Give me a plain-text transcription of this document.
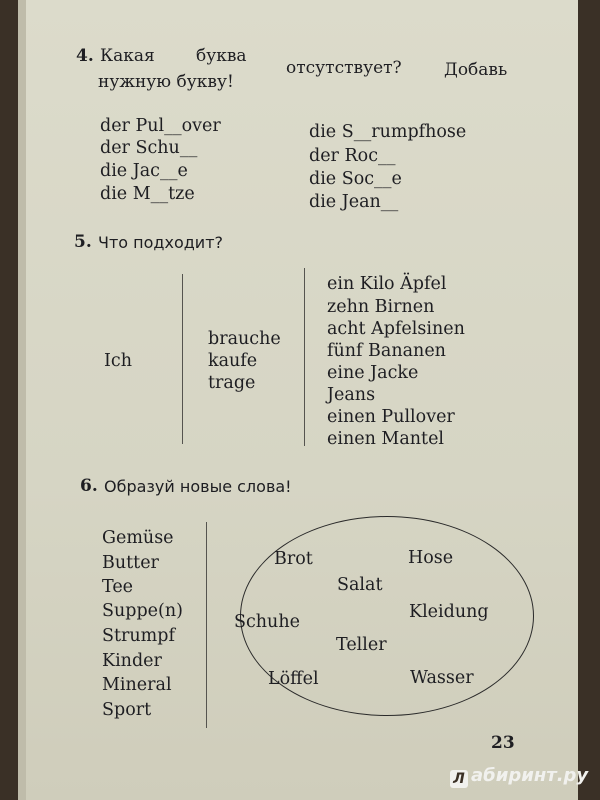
4. Какая буква
отсутствует? Добавь
нужную букву!
der Pul__over
der Schu__
die Jac__e
die M__tze
die S__rumpfhose
der Roc__
die Soc__e
die Jean__
5. Что подходит?
Ich
brauche
kaufe
trage
ein Kilo Äpfel
zehn Birnen
acht Apfelsinen
fünf Bananen
eine Jacke
Jeans
einen Pullover
einen Mantel
6. Образуй новые слова!
Gemüse
Butter
Tee
Suppe(n)
Strumpf
Kinder
Mineral
Sport
Brot	Hose
Salat
Schuhe	Kleidung
Teller
Löffel	Wasser
23
Л абиринт.ру
